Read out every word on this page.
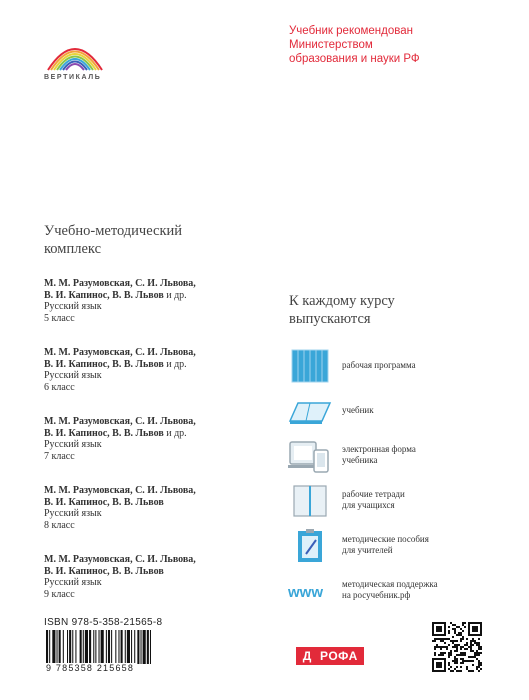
ВЕРТИКАЛЬ
Учебник рекомендован
Министерством
образования и науки РФ
Учебно-методический
комплекс
М. М. Разумовская, С. И. Львова,
В. И. Капинос, В. В. Львов и др.
Русский язык
5 класс
М. М. Разумовская, С. И. Львова,
В. И. Капинос, В. В. Львов и др.
Русский язык
6 класс
М. М. Разумовская, С. И. Львова,
В. И. Капинос, В. В. Львов и др.
Русский язык
7 класс
М. М. Разумовская, С. И. Львова,
В. И. Капинос, В. В. Львов
Русский язык
8 класс
М. М. Разумовская, С. И. Львова,
В. И. Капинос, В. В. Львов
Русский язык
9 класс
К каждому курсу
выпускаются
рабочая программа
учебник
электронная форма
учебника
рабочие тетради
для учащихся
методические пособия
для учителей
www методическая поддержка
на росучебник.рф
ISBN 978-5-358-21565-8
9 785358 215658
Д РОФА
